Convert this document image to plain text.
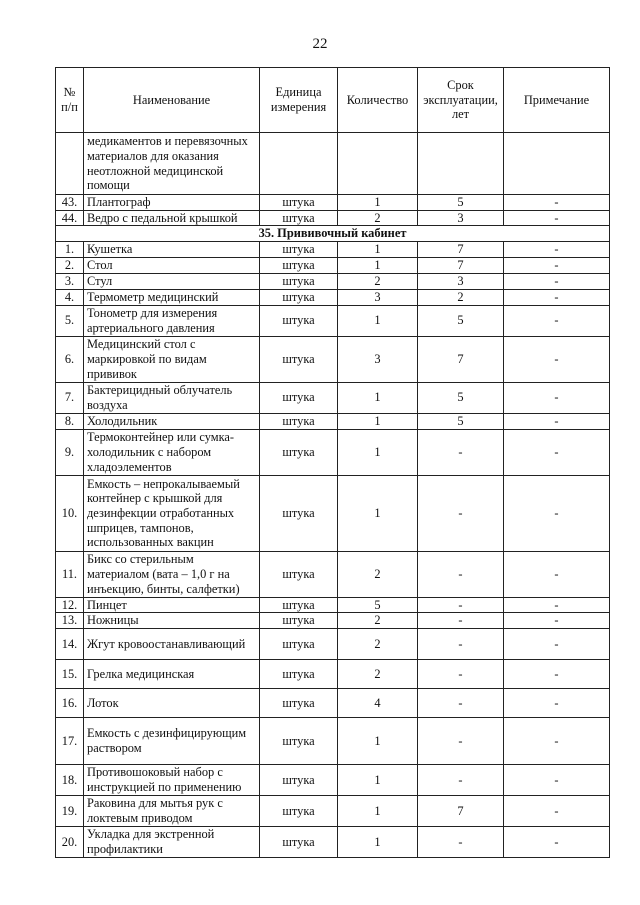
22
№ п/п	Наименование	Единица измерения	Количество	Срок эксплуатации, лет	Примечание
	медикаментов и перевязочных материалов для оказания неотложной медицинской помощи				
43.	Плантограф	штука	1	5	-
44.	Ведро с педальной крышкой	штука	2	3	-
35. Прививочный кабинет					
1.	Кушетка	штука	1	7	-
2.	Стол	штука	1	7	-
3.	Стул	штука	2	3	-
4.	Термометр медицинский	штука	3	2	-
5.	Тонометр для измерения артериального давления	штука	1	5	-
6.	Медицинский стол с маркировкой по видам прививок	штука	3	7	-
7.	Бактерицидный облучатель воздуха	штука	1	5	-
8.	Холодильник	штука	1	5	-
9.	Термоконтейнер или сумка-холодильник с набором хладоэлементов	штука	1	-	-
10.	Емкость – непрокалываемый контейнер с крышкой для дезинфекции отработанных шприцев, тампонов, использованных вакцин	штука	1	-	-
11.	Бикс со стерильным материалом (вата – 1,0 г на инъекцию, бинты, салфетки)	штука	2	-	-
12.	Пинцет	штука	5	-	-
13.	Ножницы	штука	2	-	-
14.	Жгут кровоостанавливающий	штука	2	-	-
15.	Грелка медицинская	штука	2	-	-
16.	Лоток	штука	4	-	-
17.	Емкость с дезинфицирующим раствором	штука	1	-	-
18.	Противошоковый набор с инструкцией по применению	штука	1	-	-
19.	Раковина для мытья рук с локтевым приводом	штука	1	7	-
20.	Укладка для экстренной профилактики	штука	1	-	-
